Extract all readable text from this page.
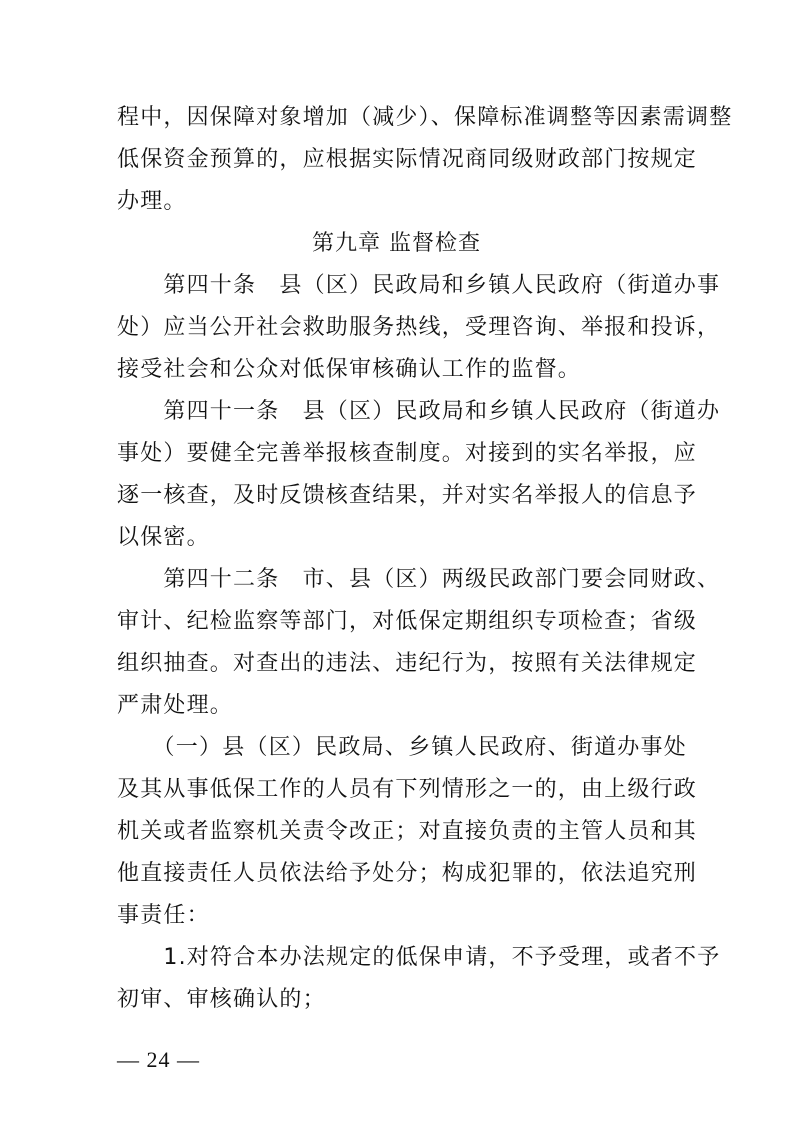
程中，因保障对象增加（减少）、保障标准调整等因素需调整
低保资金预算的，应根据实际情况商同级财政部门按规定
办理。
第九章 监督检查
　　第四十条　县（区）民政局和乡镇人民政府（街道办事
处）应当公开社会救助服务热线，受理咨询、举报和投诉，
接受社会和公众对低保审核确认工作的监督。
　　第四十一条　县（区）民政局和乡镇人民政府（街道办
事处）要健全完善举报核查制度。对接到的实名举报，应
逐一核查，及时反馈核查结果，并对实名举报人的信息予
以保密。
　　第四十二条　市、县（区）两级民政部门要会同财政、
审计、纪检监察等部门，对低保定期组织专项检查；省级
组织抽查。对查出的违法、违纪行为，按照有关法律规定
严肃处理。
　　（一）县（区）民政局、乡镇人民政府、街道办事处
及其从事低保工作的人员有下列情形之一的，由上级行政
机关或者监察机关责令改正；对直接负责的主管人员和其
他直接责任人员依法给予处分；构成犯罪的，依法追究刑
事责任：
　　1.对符合本办法规定的低保申请，不予受理，或者不予
初审、审核确认的；
— 24 —
